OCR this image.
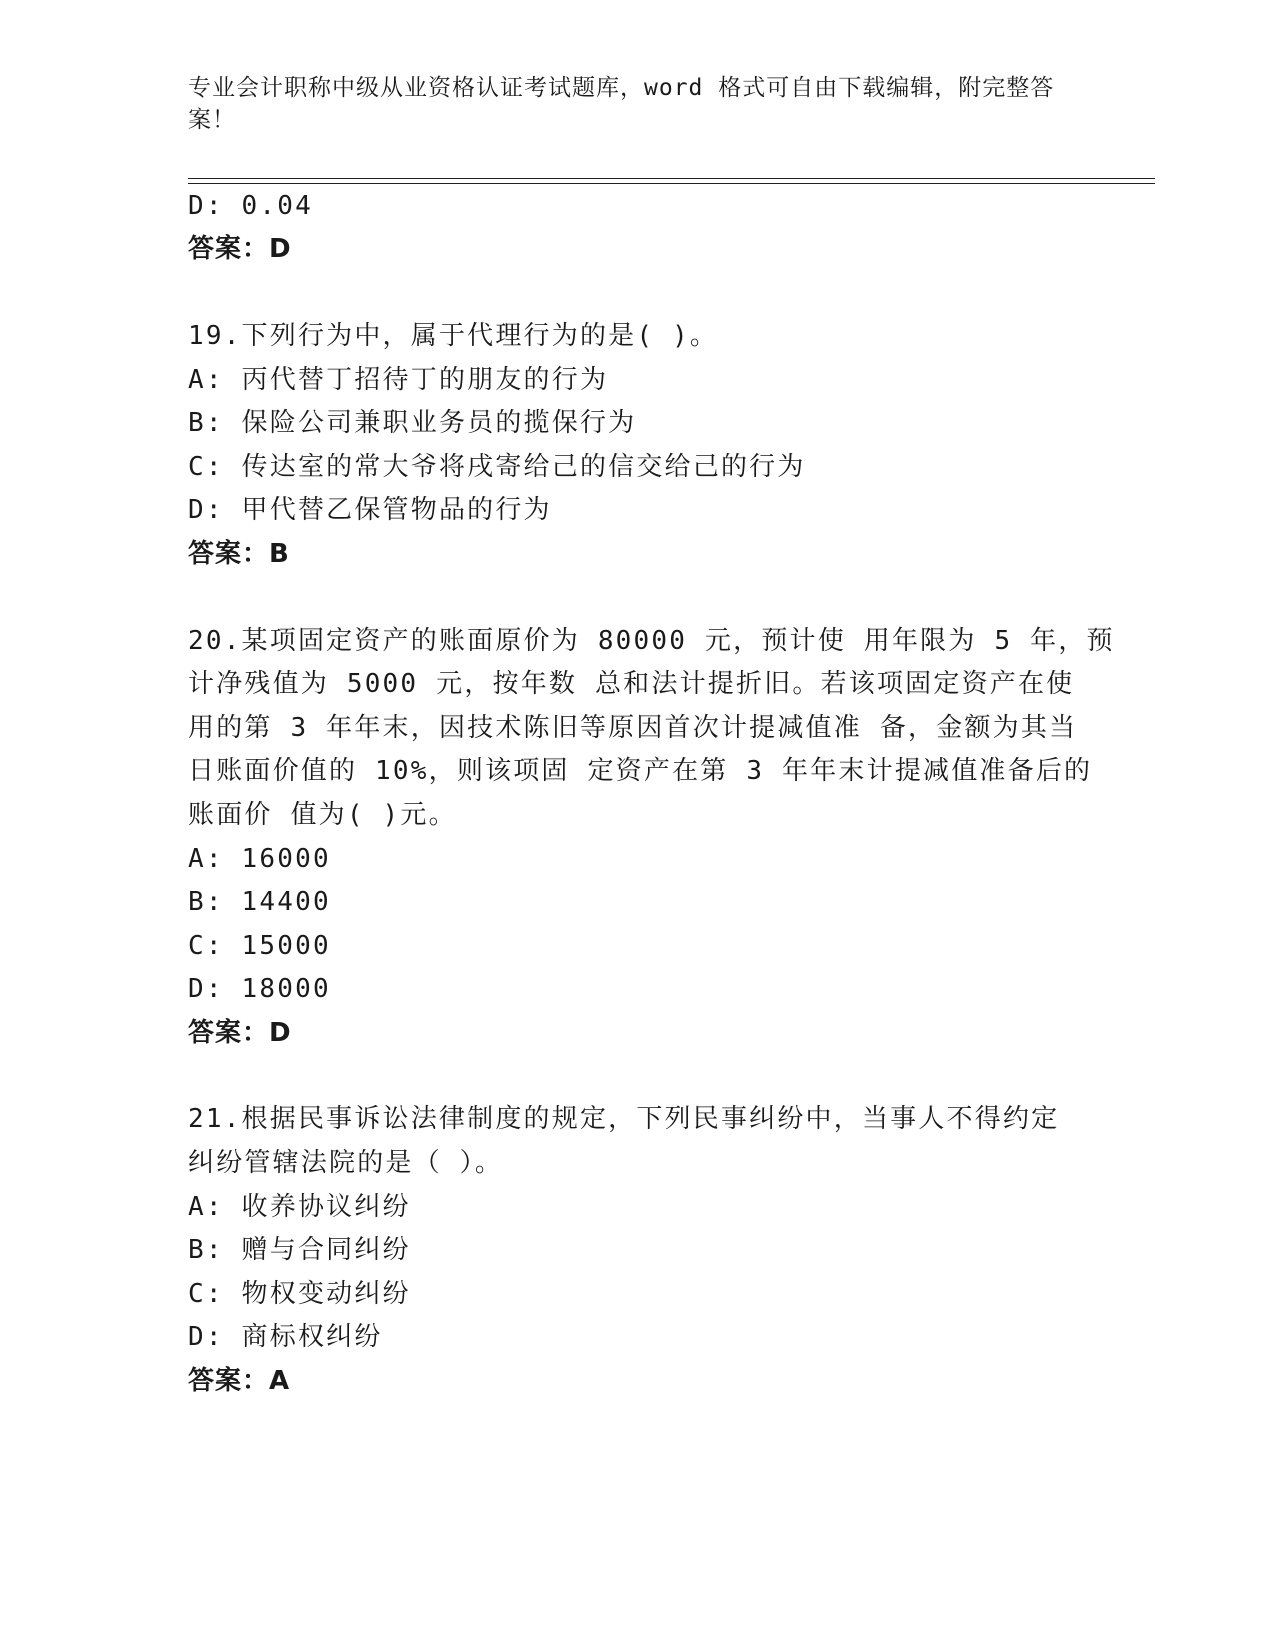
专业会计职称中级从业资格认证考试题库，word 格式可自由下载编辑，附完整答
案！
D: 0.04
答案：D
19.下列行为中，属于代理行为的是( )。
A: 丙代替丁招待丁的朋友的行为
B: 保险公司兼职业务员的揽保行为
C: 传达室的常大爷将戌寄给己的信交给己的行为
D: 甲代替乙保管物品的行为
答案：B
20.某项固定资产的账面原价为 80000 元，预计使 用年限为 5 年，预
计净残值为 5000 元，按年数 总和法计提折旧。若该项固定资产在使
用的第 3 年年末，因技术陈旧等原因首次计提减值准 备，金额为其当
日账面价值的 10%，则该项固 定资产在第 3 年年末计提减值准备后的
账面价 值为( )元。
A: 16000
B: 14400
C: 15000
D: 18000
答案：D
21.根据民事诉讼法律制度的规定，下列民事纠纷中，当事人不得约定
纠纷管辖法院的是（ ）。
A: 收养协议纠纷
B: 赠与合同纠纷
C: 物权变动纠纷
D: 商标权纠纷
答案：A
